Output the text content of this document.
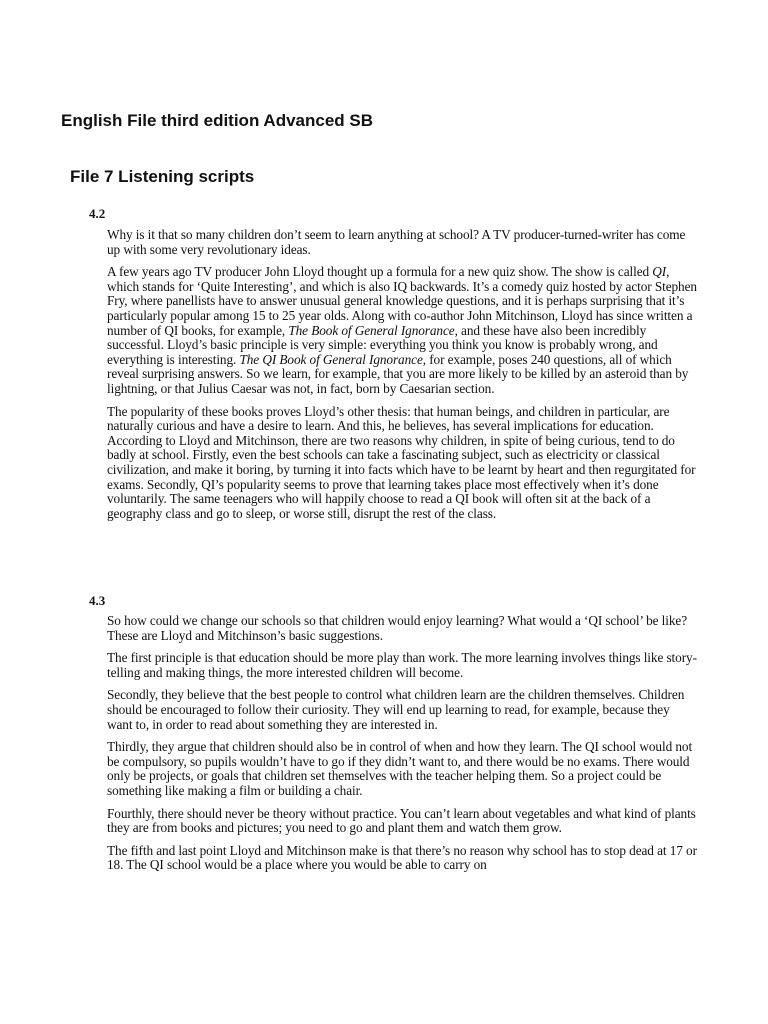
English File third edition Advanced SB
File 7 Listening scripts
4.2

Why is it that so many children don’t seem to learn anything at school? A TV producer-turned-writer has come up with some very revolutionary ideas.

A few years ago TV producer John Lloyd thought up a formula for a new quiz show. The show is called QI, which stands for ‘Quite Interesting’, and which is also IQ backwards. It’s a comedy quiz hosted by actor Stephen Fry, where panellists have to answer unusual general knowledge questions, and it is perhaps surprising that it’s particularly popular among 15 to 25 year olds. Along with co-author John Mitchinson, Lloyd has since written a number of QI books, for example, The Book of General Ignorance, and these have also been incredibly successful. Lloyd’s basic principle is very simple: everything you think you know is probably wrong, and everything is interesting. The QI Book of General Ignorance, for example, poses 240 questions, all of which reveal surprising answers. So we learn, for example, that you are more likely to be killed by an asteroid than by lightning, or that Julius Caesar was not, in fact, born by Caesarian section.

The popularity of these books proves Lloyd’s other thesis: that human beings, and children in particular, are naturally curious and have a desire to learn. And this, he believes, has several implications for education. According to Lloyd and Mitchinson, there are two reasons why children, in spite of being curious, tend to do badly at school. Firstly, even the best schools can take a fascinating subject, such as electricity or classical civilization, and make it boring, by turning it into facts which have to be learnt by heart and then regurgitated for exams. Secondly, QI’s popularity seems to prove that learning takes place most effectively when it’s done voluntarily. The same teenagers who will happily choose to read a QI book will often sit at the back of a geography class and go to sleep, or worse still, disrupt the rest of the class.

4.3

So how could we change our schools so that children would enjoy learning? What would a ‘QI school’ be like? These are Lloyd and Mitchinson’s basic suggestions.

The first principle is that education should be more play than work. The more learning involves things like story-telling and making things, the more interested children will become.

Secondly, they believe that the best people to control what children learn are the children themselves. Children should be encouraged to follow their curiosity. They will end up learning to read, for example, because they want to, in order to read about something they are interested in.

Thirdly, they argue that children should also be in control of when and how they learn. The QI school would not be compulsory, so pupils wouldn’t have to go if they didn’t want to, and there would be no exams. There would only be projects, or goals that children set themselves with the teacher helping them. So a project could be something like making a film or building a chair.

Fourthly, there should never be theory without practice. You can’t learn about vegetables and what kind of plants they are from books and pictures; you need to go and plant them and watch them grow.

The fifth and last point Lloyd and Mitchinson make is that there’s no reason why school has to stop dead at 17 or 18. The QI school would be a place where you would be able to carry on
